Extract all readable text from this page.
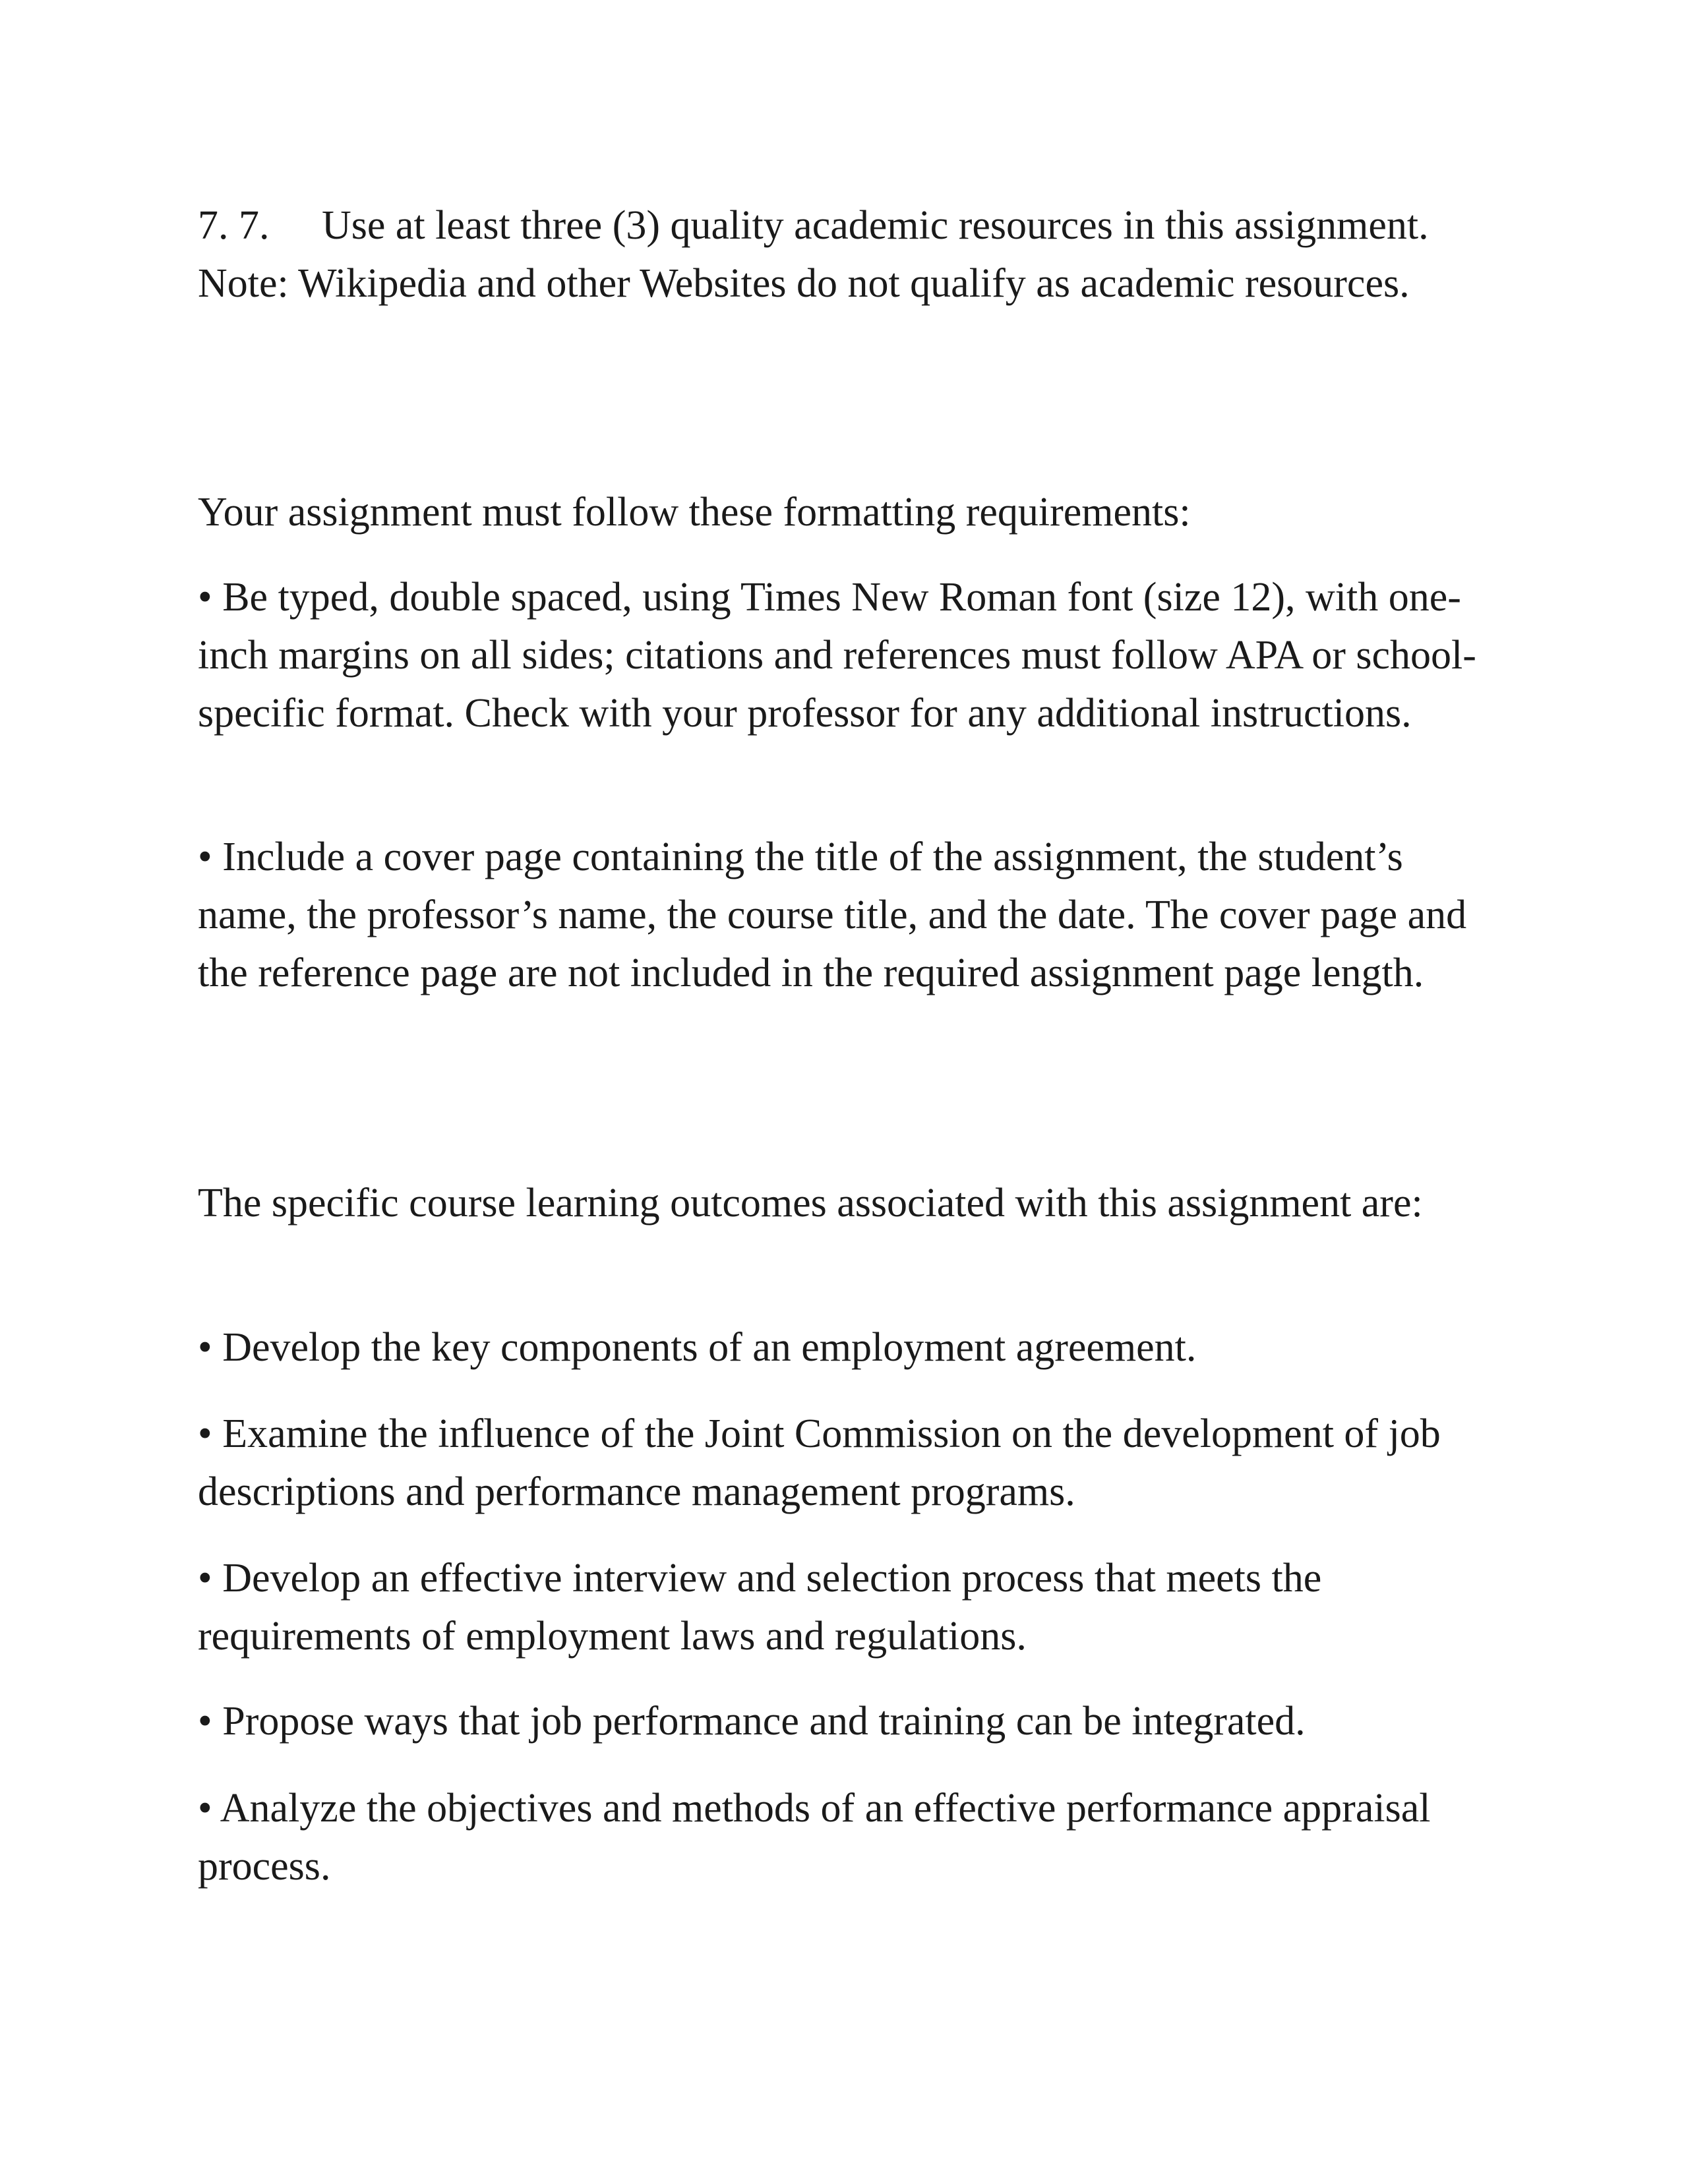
7. 7. Use at least three (3) quality academic resources in this assignment. Note: Wikipedia and other Websites do not qualify as academic resources.

Your assignment must follow these formatting requirements:

• Be typed, double spaced, using Times New Roman font (size 12), with one-inch margins on all sides; citations and references must follow APA or school-specific format. Check with your professor for any additional instructions.

• Include a cover page containing the title of the assignment, the student’s name, the professor’s name, the course title, and the date. The cover page and the reference page are not included in the required assignment page length.

The specific course learning outcomes associated with this assignment are:

• Develop the key components of an employment agreement.

• Examine the influence of the Joint Commission on the development of job descriptions and performance management programs.

• Develop an effective interview and selection process that meets the requirements of employment laws and regulations.

• Propose ways that job performance and training can be integrated.

• Analyze the objectives and methods of an effective performance appraisal process.
